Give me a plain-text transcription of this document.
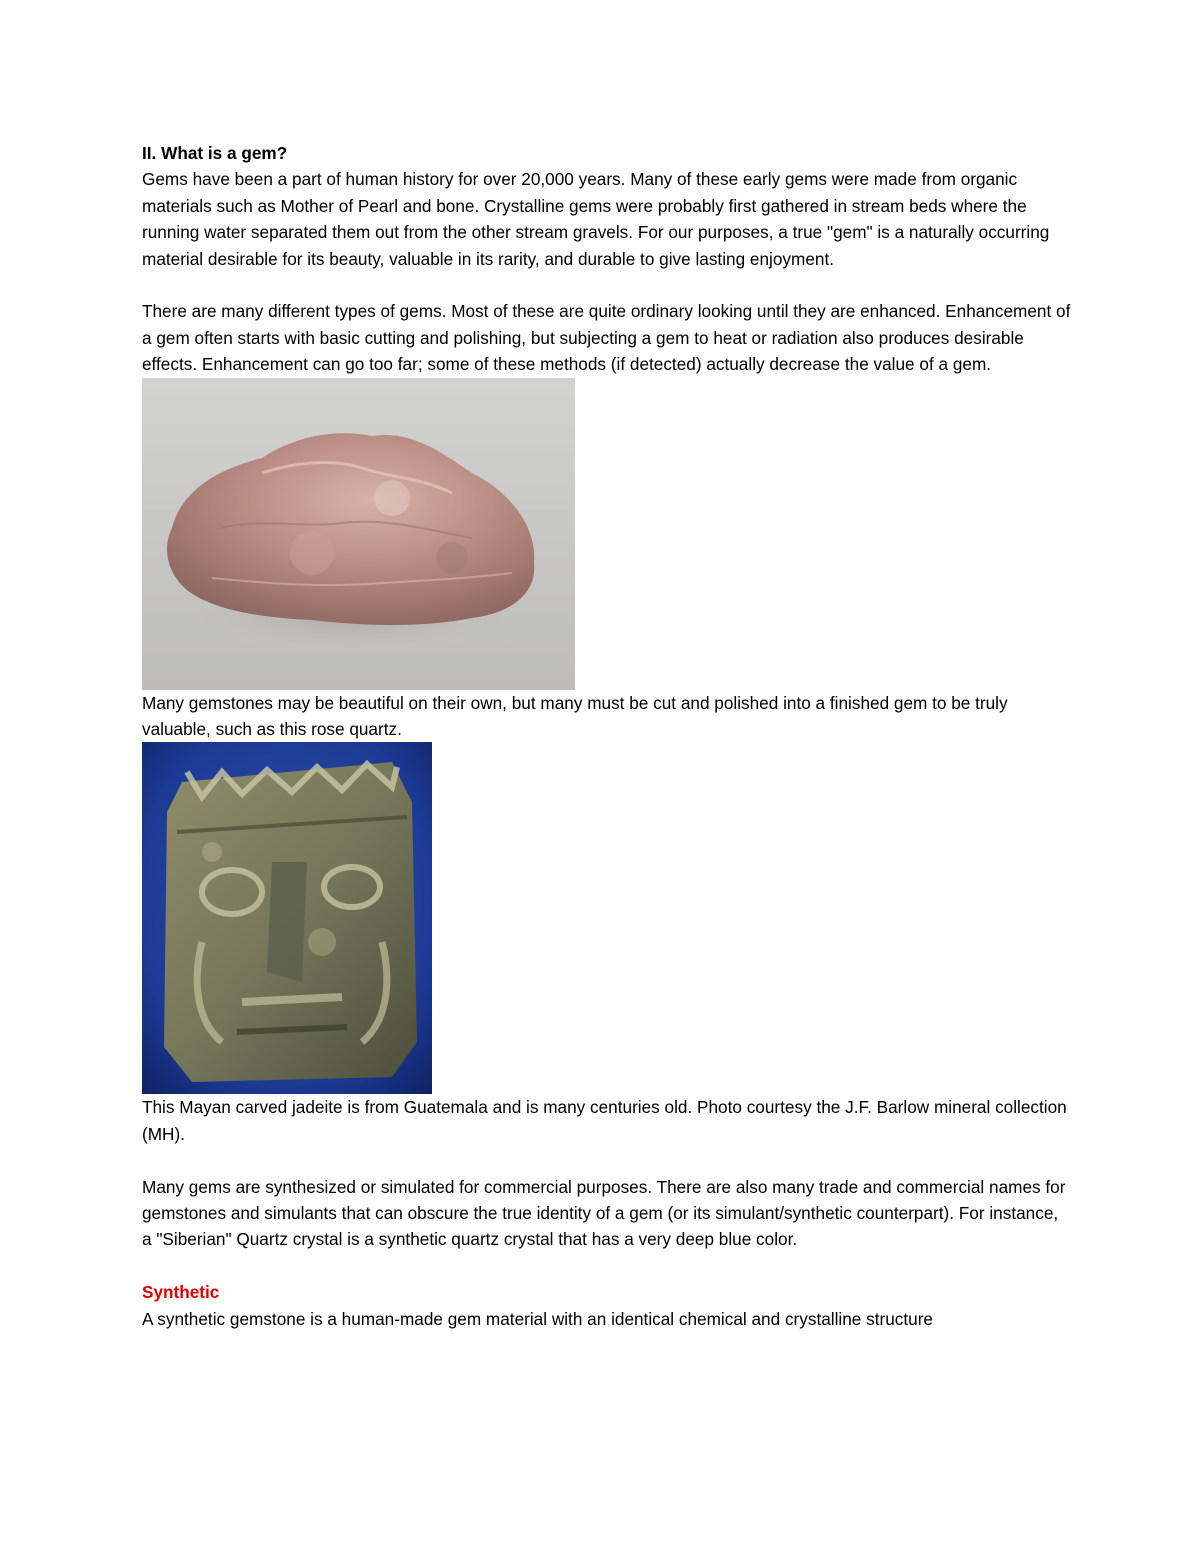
II. What is a gem?

Gems have been a part of human history for over 20,000 years. Many of these early gems were made from organic materials such as Mother of Pearl and bone. Crystalline gems were probably first gathered in stream beds where the running water separated them out from the other stream gravels. For our purposes, a true "gem" is a naturally occurring material desirable for its beauty, valuable in its rarity, and durable to give lasting enjoyment.

There are many different types of gems. Most of these are quite ordinary looking until they are enhanced. Enhancement of a gem often starts with basic cutting and polishing, but subjecting a gem to heat or radiation also produces desirable effects. Enhancement can go too far; some of these methods (if detected) actually decrease the value of a gem.

Many gemstones may be beautiful on their own, but many must be cut and polished into a finished gem to be truly valuable, such as this rose quartz.

This Mayan carved jadeite is from Guatemala and is many centuries old. Photo courtesy the J.F. Barlow mineral collection (MH).

Many gems are synthesized or simulated for commercial purposes. There are also many trade and commercial names for gemstones and simulants that can obscure the true identity of a gem (or its simulant/synthetic counterpart). For instance, a "Siberian" Quartz crystal is a synthetic quartz crystal that has a very deep blue color.

Synthetic

A synthetic gemstone is a human-made gem material with an identical chemical and crystalline structure
